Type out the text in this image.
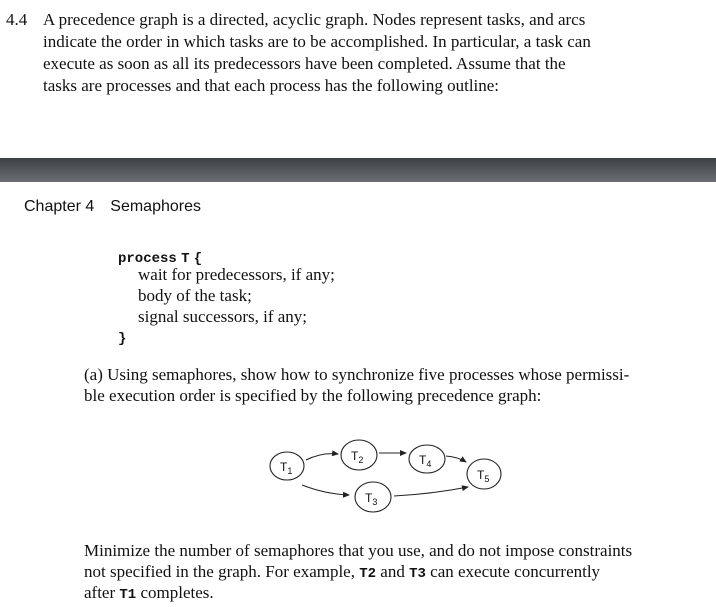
4.4 A precedence graph is a directed, acyclic graph. Nodes represent tasks, and arcs
indicate the order in which tasks are to be accomplished. In particular, a task can
execute as soon as all its predecessors have been completed. Assume that the
tasks are processes and that each process has the following outline:
Chapter 4 Semaphores
process T {
wait for predecessors, if any;
body of the task;
signal successors, if any;
}
(a) Using semaphores, show how to synchronize five processes whose permissi-
ble execution order is specified by the following precedence graph:
$T_1$
$T_2$
$T_3$
$T_4$
$T_5$
Minimize the number of semaphores that you use, and do not impose constraints
not specified in the graph. For example, T2 and T3 can execute concurrently
after T1 completes.
